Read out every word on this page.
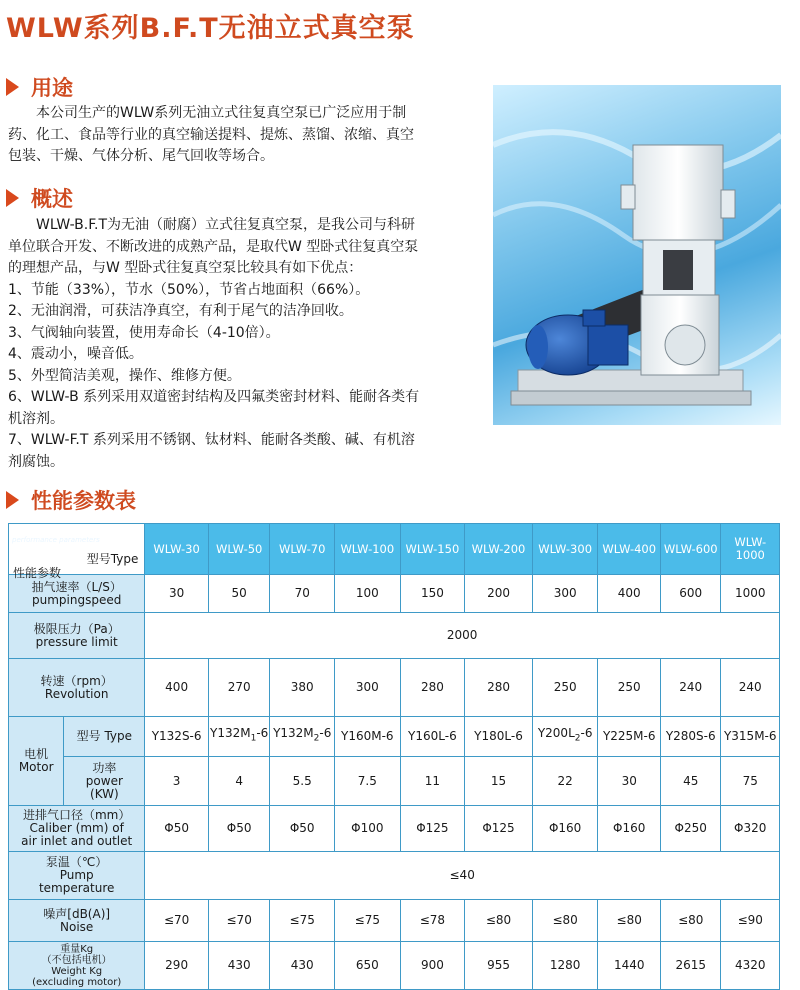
WLW系列B.F.T无油立式真空泵
用途

本公司生产的WLW系列无油立式往复真空泵已广泛应用于制

药、化工、食品等行业的真空输送提料、提炼、蒸馏、浓缩、真空

包装、干燥、气体分析、尾气回收等场合。

概述

WLW-B.F.T为无油（耐腐）立式往复真空泵，是我公司与科研

单位联合开发、不断改进的成熟产品，是取代W 型卧式往复真空泵

的理想产品，与W 型卧式往复真空泵比较具有如下优点：

1、节能（33%），节水（50%），节省占地面积（66%）。

2、无油润滑，可获洁净真空，有利于尾气的洁净回收。

3、气阀轴向装置，使用寿命长（4-10倍）。

4、震动小，噪音低。

5、外型简洁美观，操作、维修方便。

6、WLW-B 系列采用双道密封结构及四氟类密封材料、能耐各类有

机溶剂。

7、WLW-F.T 系列采用不锈钢、钛材料、能耐各类酸、碱、有机溶

剂腐蚀。

性能参数表
型号Type
性能参数
performance parameters		WLW-30	WLW-50	WLW-70	WLW-100	WLW-150	WLW-200	WLW-300	WLW-400	WLW-600	WLW-1000

抽气速率（L/S）
pumpingspeed		30	50	70	100	150	200	300	400	600	1000

极限压力（Pa）
pressure limit		2000									

转速（rpm）
Revolution		400	270	380	300	280	280	250	250	240	240

电机
Motor	型号 Type	Y132S-6	$Y132M_1-6$	$Y132M_2-6$	Y160M-6	Y160L-6	Y180L-6	$Y200L_2-6$	Y225M-6	Y280S-6	Y315M-6

	功率
power
(KW)	3	4	5.5	7.5	11	15	22	30	45	75

进排气口径（mm）
Caliber (mm) of
air inlet and outlet		Φ50	Φ50	Φ50	Φ100	Φ125	Φ125	Φ160	Φ160	Φ250	Φ320

泵温（℃）
Pump
temperature		≤40									

噪声[dB(A)]
Noise		≤70	≤70	≤75	≤75	≤78	≤80	≤80	≤80	≤80	≤90

重量Kg
（不包括电机）
Weight Kg
(excluding motor)		290	430	430	650	900	955	1280	1440	2615	4320
